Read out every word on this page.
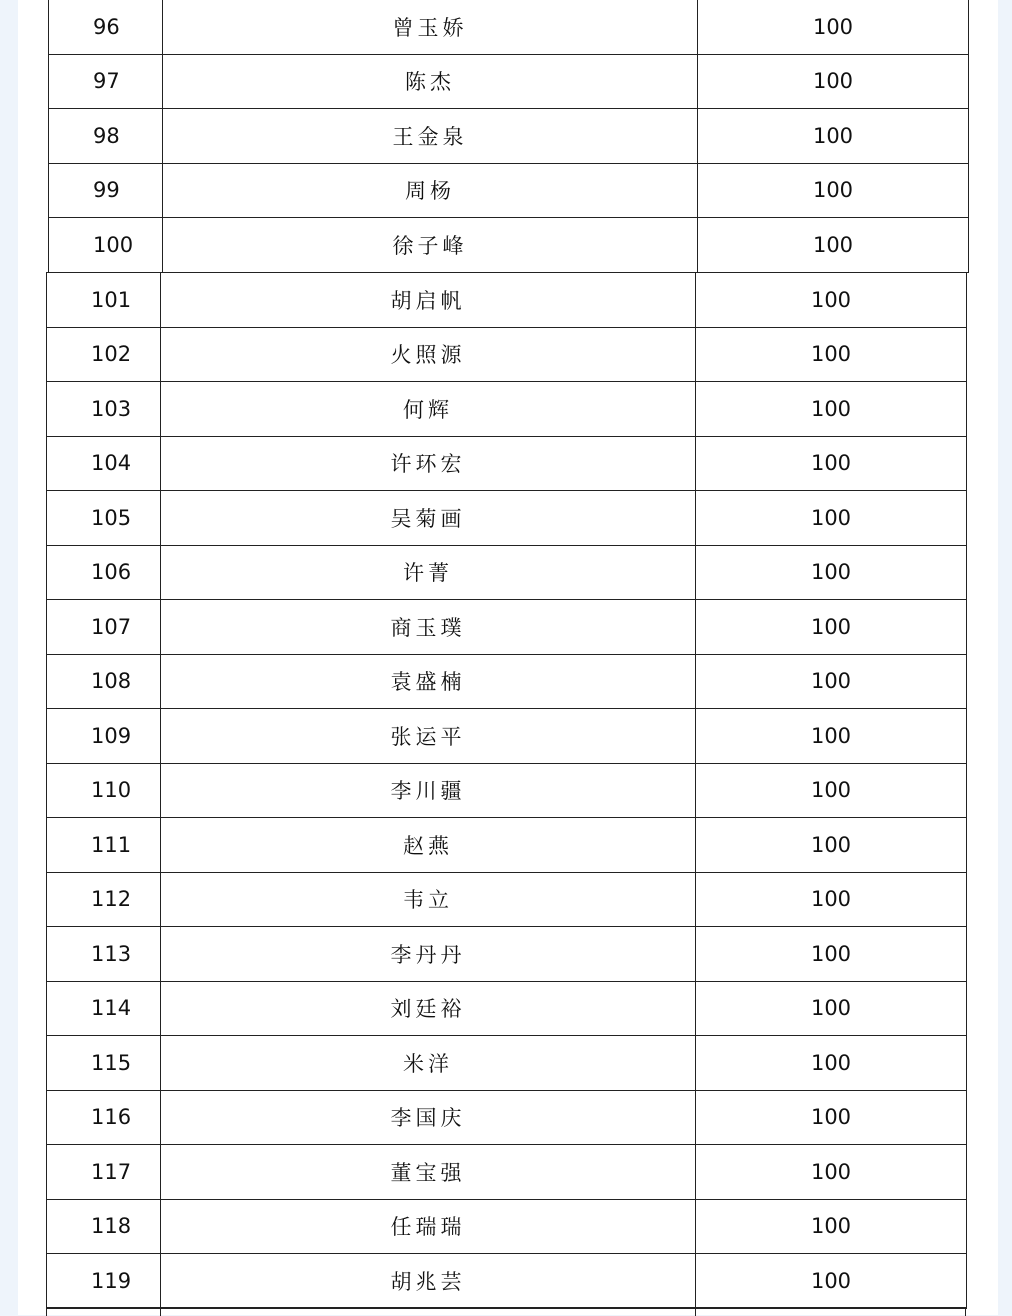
96	曾玉娇	100
97	陈杰	100
98	王金泉	100
99	周杨	100
100	徐子峰	100
101	胡启帆	100
102	火照源	100
103	何辉	100
104	许环宏	100
105	吴菊画	100
106	许菁	100
107	商玉璞	100
108	袁盛楠	100
109	张运平	100
110	李川疆	100
111	赵燕	100
112	韦立	100
113	李丹丹	100
114	刘廷裕	100
115	米洋	100
116	李国庆	100
117	董宝强	100
118	任瑞瑞	100
119	胡兆芸	100
